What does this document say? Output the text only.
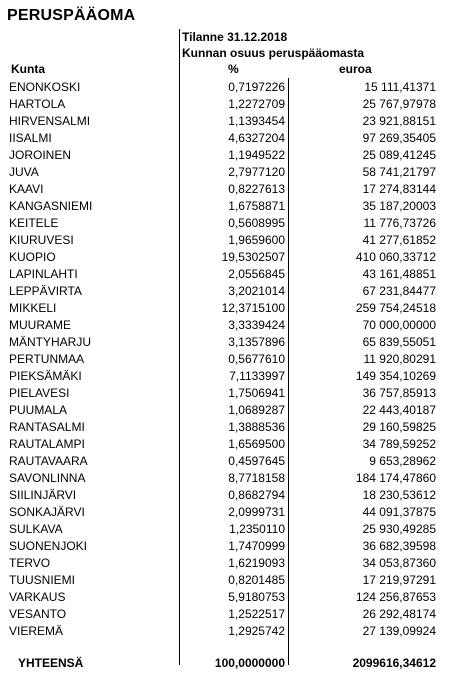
PERUSPÄÄOMA
Tilanne 31.12.2018
Kunnan osuus peruspääomasta
Kunta	%	euroa
ENONKOSKI	0,7197226	15 111,41371
HARTOLA	1,2272709	25 767,97978
HIRVENSALMI	1,1393454	23 921,88151
IISALMI	4,6327204	97 269,35405
JOROINEN	1,1949522	25 089,41245
JUVA	2,7977120	58 741,21797
KAAVI	0,8227613	17 274,83144
KANGASNIEMI	1,6758871	35 187,20003
KEITELE	0,5608995	11 776,73726
KIURUVESI	1,9659600	41 277,61852
KUOPIO	19,5302507	410 060,33712
LAPINLAHTI	2,0556845	43 161,48851
LEPPÄVIRTA	3,2021014	67 231,84477
MIKKELI	12,3715100	259 754,24518
MUURAME	3,3339424	70 000,00000
MÄNTYHARJU	3,1357896	65 839,55051
PERTUNMAA	0,5677610	11 920,80291
PIEKSÄMÄKI	7,1133997	149 354,10269
PIELAVESI	1,7506941	36 757,85913
PUUMALA	1,0689287	22 443,40187
RANTASALMI	1,3888536	29 160,59825
RAUTALAMPI	1,6569500	34 789,59252
RAUTAVAARA	0,4597645	9 653,28962
SAVONLINNA	8,7718158	184 174,47860
SIILINJÄRVI	0,8682794	18 230,53612
SONKAJÄRVI	2,0999731	44 091,37875
SULKAVA	1,2350110	25 930,49285
SUONENJOKI	1,7470999	36 682,39598
TERVO	1,6219093	34 053,87360
TUUSNIEMI	0,8201485	17 219,97291
VARKAUS	5,9180753	124 256,87653
VESANTO	1,2522517	26 292,48174
VIEREMÄ	1,2925742	27 139,09924
YHTEENSÄ	100,0000000	2099616,34612
